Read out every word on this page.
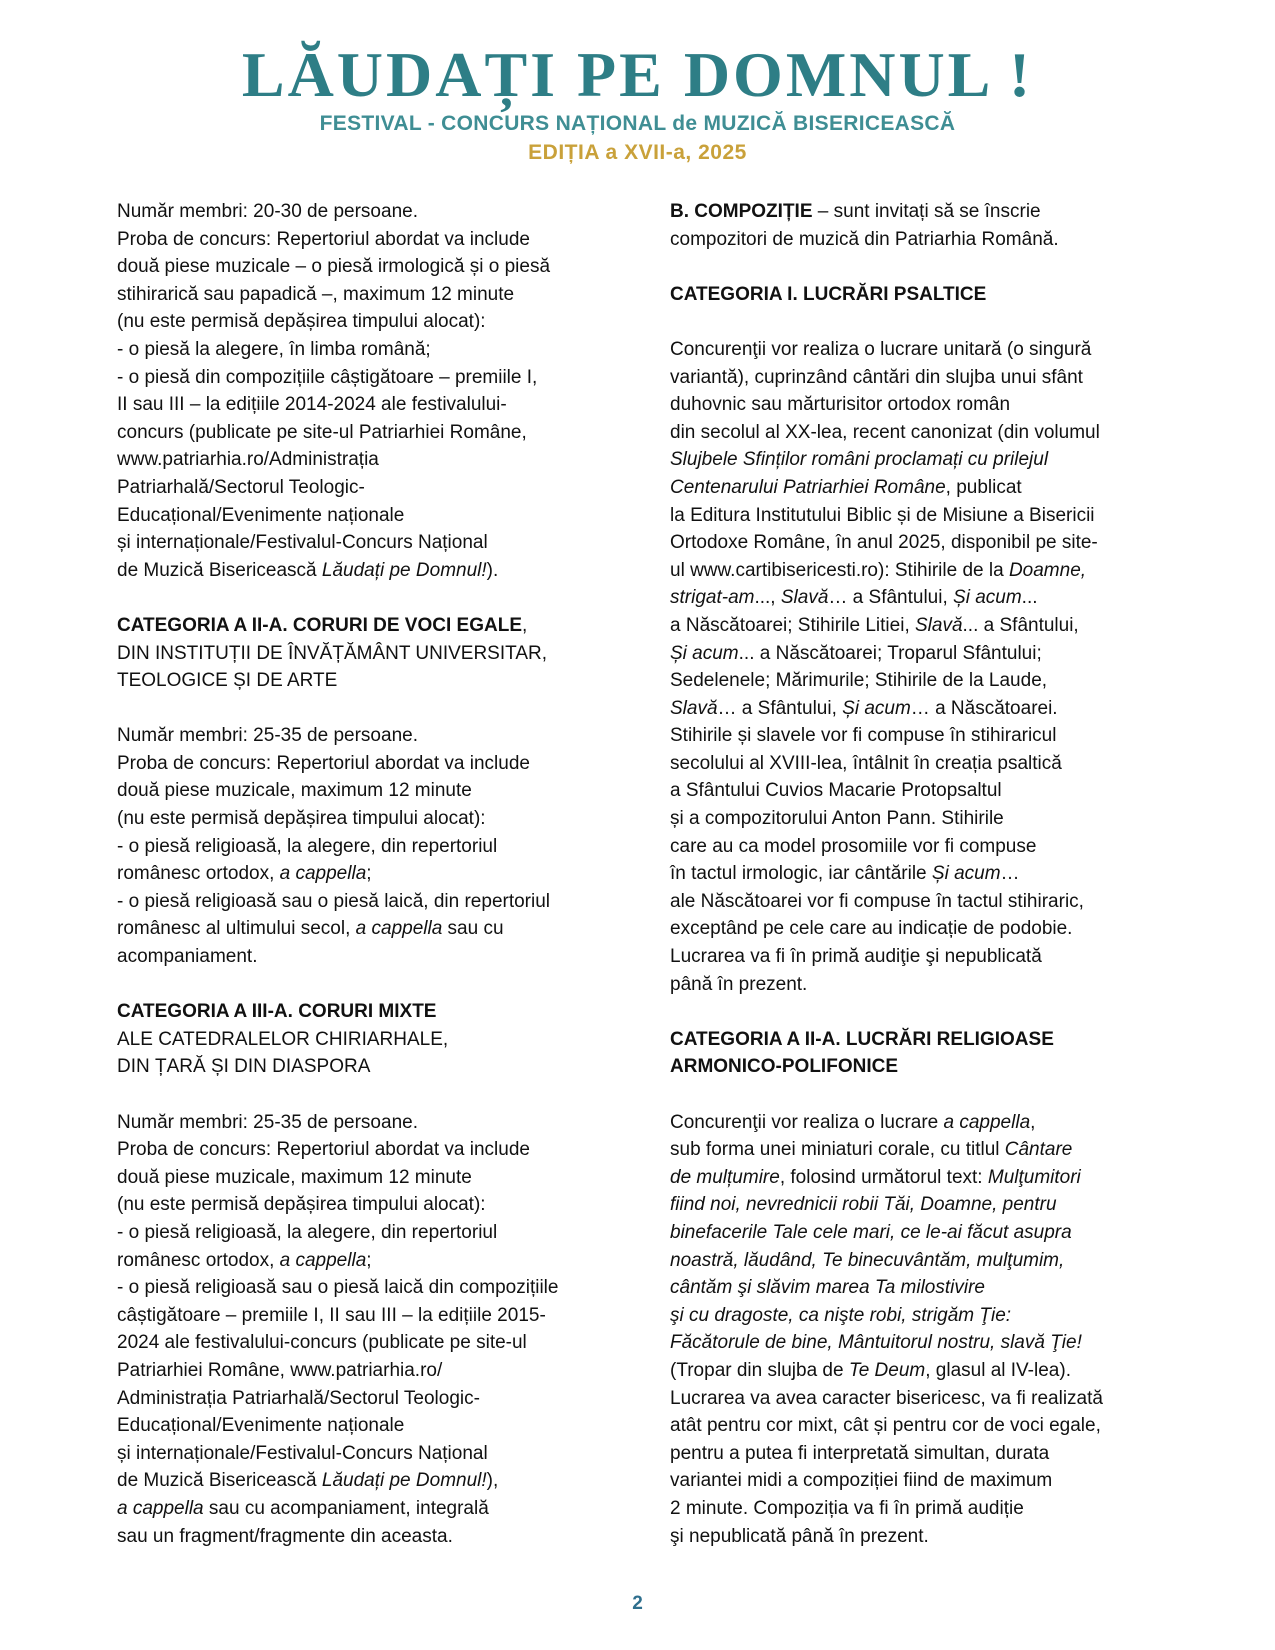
LĂUDAȚI PE DOMNUL !
FESTIVAL - CONCURS NAȚIONAL de MUZICĂ BISERICEASCĂ
EDIȚIA a XVII-a, 2025
Număr membri: 20-30 de persoane.
Proba de concurs: Repertoriul abordat va include
două piese muzicale – o piesă irmologică și o piesă
stihirarică sau papadică –, maximum 12 minute
(nu este permisă depășirea timpului alocat):
- o piesă la alegere, în limba română;
- o piesă din compozițiile câștigătoare – premiile I,
II sau III – la edițiile 2014-2024 ale festivalului-
concurs (publicate pe site-ul Patriarhiei Române,
www.patriarhia.ro/Administrația
Patriarhală/Sectorul Teologic-
Educațional/Evenimente naționale
și internaționale/Festivalul-Concurs Național
de Muzică Bisericească Lăudați pe Domnul!).
CATEGORIA A II-A. CORURI DE VOCI EGALE,
DIN INSTITUȚII DE ÎNVĂȚĂMÂNT UNIVERSITAR,
TEOLOGICE ȘI DE ARTE
Număr membri: 25-35 de persoane.
Proba de concurs: Repertoriul abordat va include
două piese muzicale, maximum 12 minute
(nu este permisă depășirea timpului alocat):
- o piesă religioasă, la alegere, din repertoriul
românesc ortodox, a cappella;
- o piesă religioasă sau o piesă laică, din repertoriul
românesc al ultimului secol, a cappella sau cu
acompaniament.
CATEGORIA A III-A. CORURI MIXTE
ALE CATEDRALELOR CHIRIARHALE,
DIN ȚARĂ ȘI DIN DIASPORA
Număr membri: 25-35 de persoane.
Proba de concurs: Repertoriul abordat va include
două piese muzicale, maximum 12 minute
(nu este permisă depășirea timpului alocat):
- o piesă religioasă, la alegere, din repertoriul
românesc ortodox, a cappella;
- o piesă religioasă sau o piesă laică din compozițiile
câștigătoare – premiile I, II sau III – la edițiile 2015-
2024 ale festivalului-concurs (publicate pe site-ul
Patriarhiei Române, www.patriarhia.ro/
Administrația Patriarhală/Sectorul Teologic-
Educațional/Evenimente naționale
și internaționale/Festivalul-Concurs Național
de Muzică Bisericească Lăudați pe Domnul!),
a cappella sau cu acompaniament, integrală
sau un fragment/fragmente din aceasta.
B. COMPOZIȚIE – sunt invitați să se înscrie
compozitori de muzică din Patriarhia Română.
CATEGORIA I. LUCRĂRI PSALTICE
Concurenţii vor realiza o lucrare unitară (o singură
variantă), cuprinzând cântări din slujba unui sfânt
duhovnic sau mărturisitor ortodox român
din secolul al XX-lea, recent canonizat (din volumul
Slujbele Sfinților români proclamați cu prilejul
Centenarului Patriarhiei Române, publicat
la Editura Institutului Biblic și de Misiune a Bisericii
Ortodoxe Române, în anul 2025, disponibil pe site-
ul www.cartibisericesti.ro): Stihirile de la Doamne,
strigat-am..., Slavă… a Sfântului, Și acum...
a Născătoarei; Stihirile Litiei, Slavă... a Sfântului,
Și acum... a Născătoarei; Troparul Sfântului;
Sedelenele; Mărimurile; Stihirile de la Laude,
Slavă… a Sfântului, Și acum… a Născătoarei.
Stihirile și slavele vor fi compuse în stihiraricul
secolului al XVIII-lea, întâlnit în creația psaltică
a Sfântului Cuvios Macarie Protopsaltul
și a compozitorului Anton Pann. Stihirile
care au ca model prosomiile vor fi compuse
în tactul irmologic, iar cântările Și acum…
ale Născătoarei vor fi compuse în tactul stihiraric,
exceptând pe cele care au indicație de podobie.
Lucrarea va fi în primă audiţie şi nepublicată
până în prezent.
CATEGORIA A II-A. LUCRĂRI RELIGIOASE
ARMONICO-POLIFONICE
Concurenţii vor realiza o lucrare a cappella,
sub forma unei miniaturi corale, cu titlul Cântare
de mulțumire, folosind următorul text: Mulţumitori
fiind noi, nevrednicii robii Tăi, Doamne, pentru
binefacerile Tale cele mari, ce le-ai făcut asupra
noastră, lăudând, Te binecuvântăm, mulţumim,
cântăm şi slăvim marea Ta milostivire
şi cu dragoste, ca nişte robi, strigăm Ţie:
Făcătorule de bine, Mântuitorul nostru, slavă Ţie!
(Tropar din slujba de Te Deum, glasul al IV-lea).
Lucrarea va avea caracter bisericesc, va fi realizată
atât pentru cor mixt, cât și pentru cor de voci egale,
pentru a putea fi interpretată simultan, durata
variantei midi a compoziției fiind de maximum
2 minute. Compoziția va fi în primă audiție
şi nepublicată până în prezent.
2
